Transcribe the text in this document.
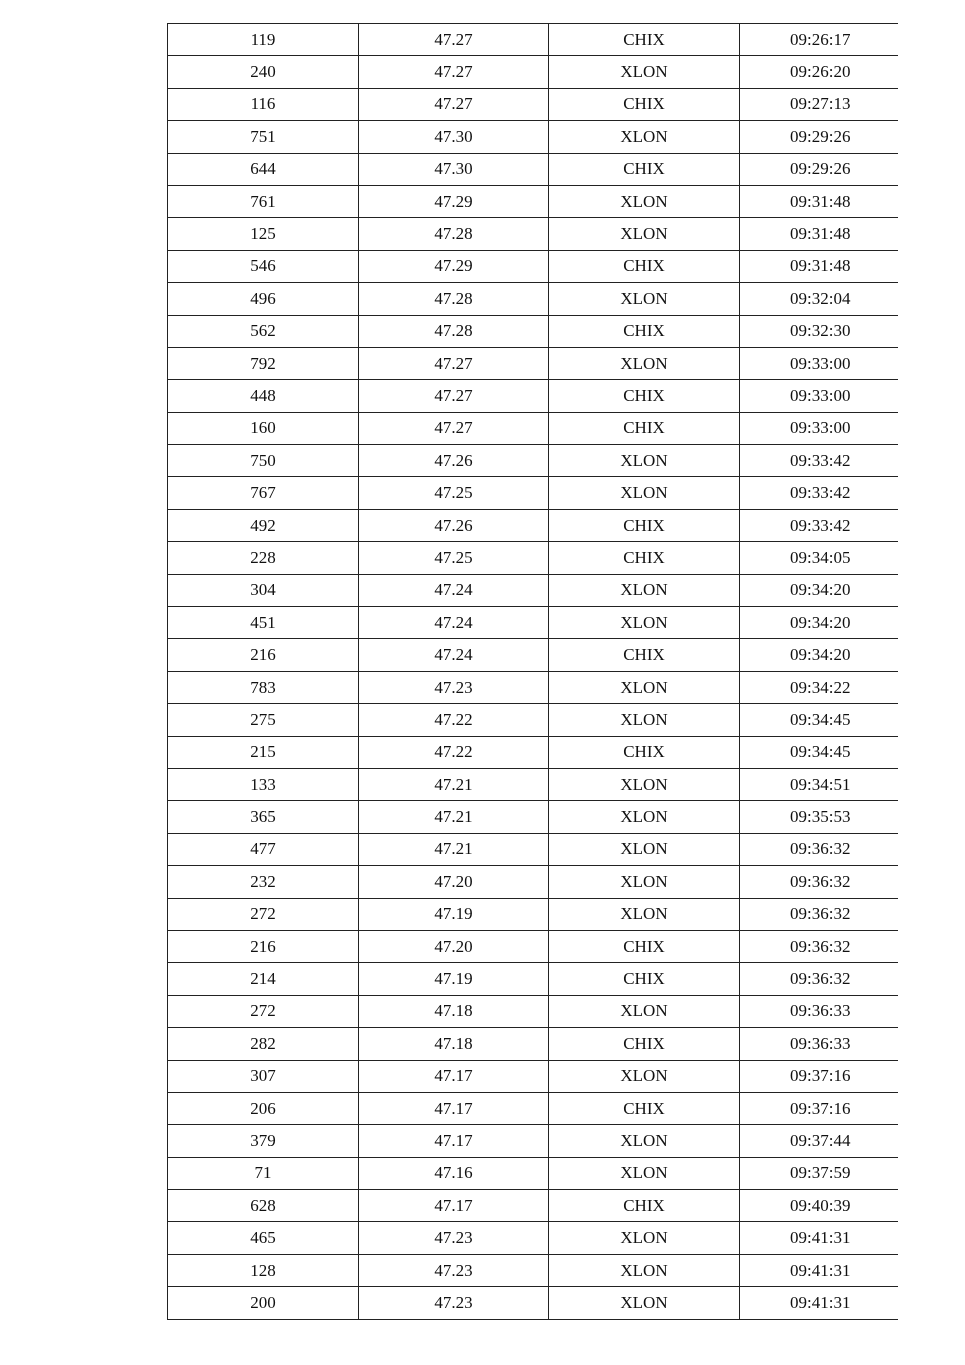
119	47.27	CHIX	09:26:17
240	47.27	XLON	09:26:20
116	47.27	CHIX	09:27:13
751	47.30	XLON	09:29:26
644	47.30	CHIX	09:29:26
761	47.29	XLON	09:31:48
125	47.28	XLON	09:31:48
546	47.29	CHIX	09:31:48
496	47.28	XLON	09:32:04
562	47.28	CHIX	09:32:30
792	47.27	XLON	09:33:00
448	47.27	CHIX	09:33:00
160	47.27	CHIX	09:33:00
750	47.26	XLON	09:33:42
767	47.25	XLON	09:33:42
492	47.26	CHIX	09:33:42
228	47.25	CHIX	09:34:05
304	47.24	XLON	09:34:20
451	47.24	XLON	09:34:20
216	47.24	CHIX	09:34:20
783	47.23	XLON	09:34:22
275	47.22	XLON	09:34:45
215	47.22	CHIX	09:34:45
133	47.21	XLON	09:34:51
365	47.21	XLON	09:35:53
477	47.21	XLON	09:36:32
232	47.20	XLON	09:36:32
272	47.19	XLON	09:36:32
216	47.20	CHIX	09:36:32
214	47.19	CHIX	09:36:32
272	47.18	XLON	09:36:33
282	47.18	CHIX	09:36:33
307	47.17	XLON	09:37:16
206	47.17	CHIX	09:37:16
379	47.17	XLON	09:37:44
71	47.16	XLON	09:37:59
628	47.17	CHIX	09:40:39
465	47.23	XLON	09:41:31
128	47.23	XLON	09:41:31
200	47.23	XLON	09:41:31
